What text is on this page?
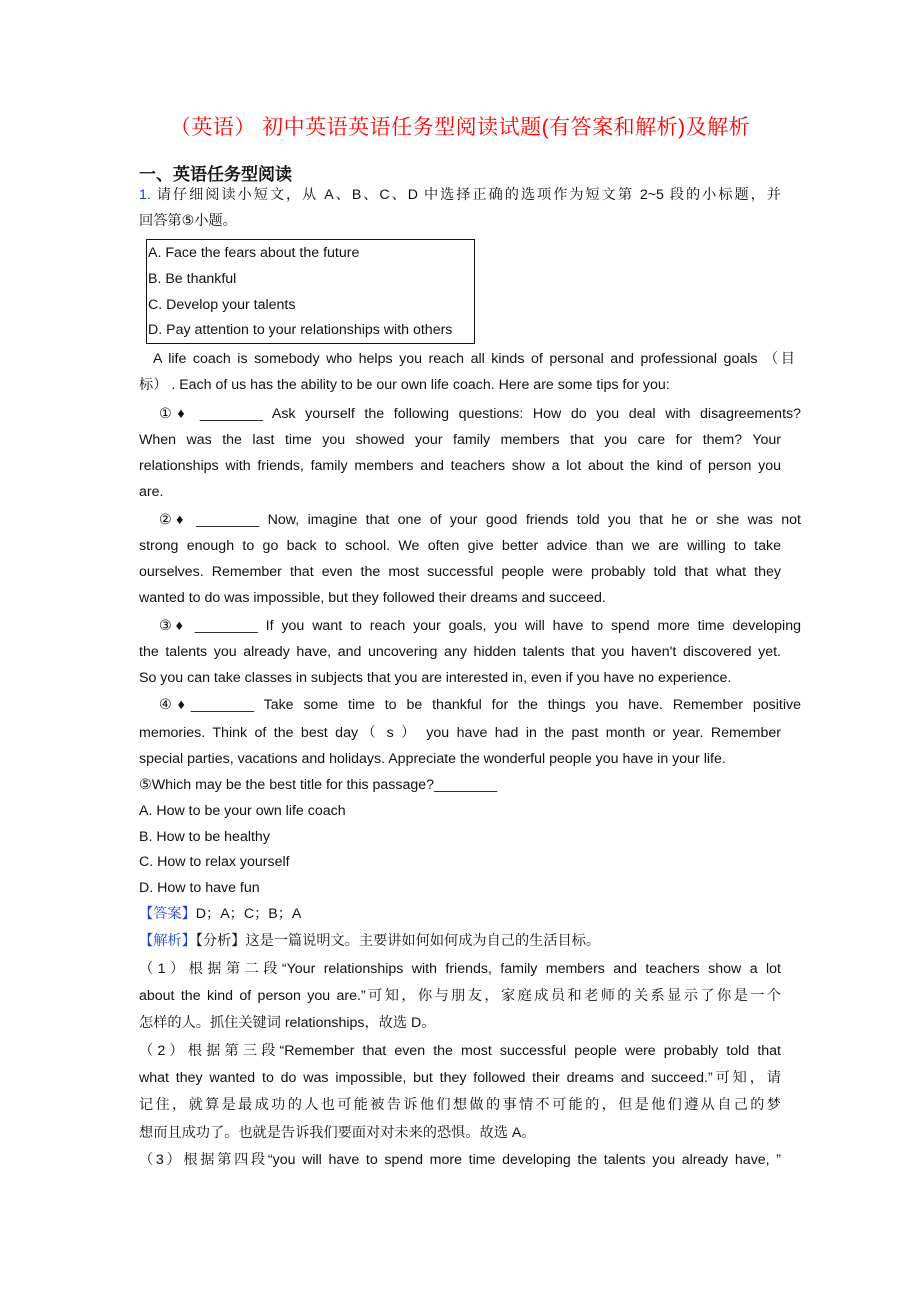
（英语） 初中英语英语任务型阅读试题(有答案和解析)及解析
一、英语任务型阅读
1. 请仔细阅读小短文，从 A、B、C、D 中选择正确的选项作为短文第 2~5 段的小标题，并
回答第⑤小题。
A. Face the fears about the future
B. Be thankful
C. Develop your talents
D. Pay attention to your relationships with others
A life coach is somebody who helps you reach all kinds of personal and professional goals （目
标） . Each of us has the ability to be our own life coach. Here are some tips for you:
①♦ ________ Ask yourself the following questions: How do you deal with disagreements?
When was the last time you showed your family members that you care for them? Your
relationships with friends, family members and teachers show a lot about the kind of person you
are.
②♦ ________ Now, imagine that one of your good friends told you that he or she was not
strong enough to go back to school. We often give better advice than we are willing to take
ourselves. Remember that even the most successful people were probably told that what they
wanted to do was impossible, but they followed their dreams and succeed.
③♦ ________ If you want to reach your goals, you will have to spend more time developing
the talents you already have, and uncovering any hidden talents that you haven't discovered yet.
So you can take classes in subjects that you are interested in, even if you have no experience.
④♦________ Take some time to be thankful for the things you have. Remember positive
memories. Think of the best day（ s ） you have had in the past month or year. Remember
special parties, vacations and holidays. Appreciate the wonderful people you have in your life.
⑤Which may be the best title for this passage?________
A. How to be your own life coach
B. How to be healthy
C. How to relax yourself
D. How to have fun
【答案】D；A；C；B；A
【解析】【分析】这是一篇说明文。主要讲如何如何成为自己的生活目标。
（1）根据第二段“Your relationships with friends, family members and teachers show a lot
about the kind of person you are.”可知，你与朋友，家庭成员和老师的关系显示了你是一个
怎样的人。抓住关键词 relationships，故选 D。
（2）根据第三段“Remember that even the most successful people were probably told that
what they wanted to do was impossible, but they followed their dreams and succeed.”可知，请
记住，就算是最成功的人也可能被告诉他们想做的事情不可能的，但是他们遵从自己的梦
想而且成功了。也就是告诉我们要面对对未来的恐惧。故选 A。
（3）根据第四段“you will have to spend more time developing the talents you already have, ”
